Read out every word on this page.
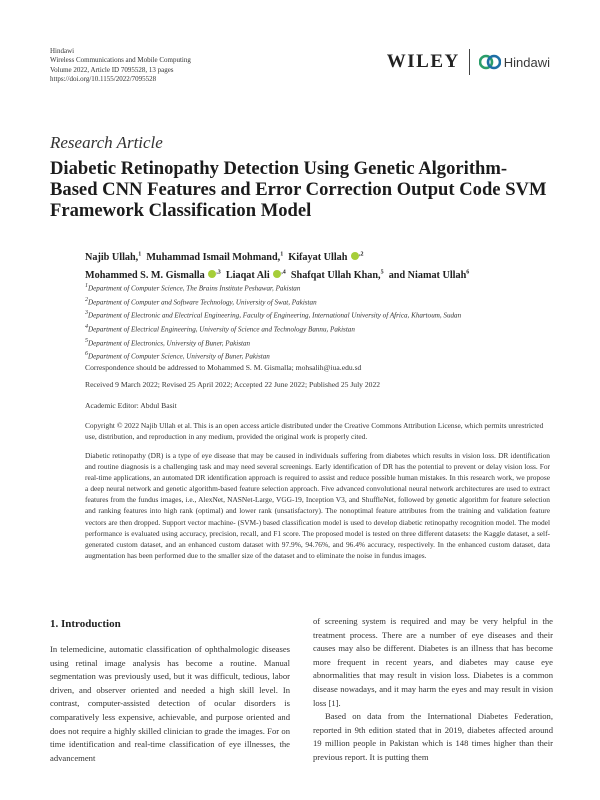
Hindawi
Wireless Communications and Mobile Computing
Volume 2022, Article ID 7095528, 13 pages
https://doi.org/10.1155/2022/7095528
WILEY	Hindawi
Research Article
Diabetic Retinopathy Detection Using Genetic Algorithm-Based CNN Features and Error Correction Output Code SVM Framework Classification Model
Najib Ullah,$^1$ Muhammad Ismail Mohmand,$^1$ Kifayat Ullah $^{,2}$
Mohammed S. M. Gismalla $^{,3}$ Liaqat Ali $^{,4}$ Shafqat Ullah Khan,$^5$ and Niamat Ullah$^6$
$^1$Department of Computer Science, The Brains Institute Peshawar, Pakistan
$^2$Department of Computer and Software Technology, University of Swat, Pakistan
$^3$Department of Electronic and Electrical Engineering, Faculty of Engineering, International University of Africa, Khartoum, Sudan
$^4$Department of Electrical Engineering, University of Science and Technology Bannu, Pakistan
$^5$Department of Electronics, University of Buner, Pakistan
$^6$Department of Computer Science, University of Buner, Pakistan
Correspondence should be addressed to Mohammed S. M. Gismalla; mohsalih@iua.edu.sd
Received 9 March 2022; Revised 25 April 2022; Accepted 22 June 2022; Published 25 July 2022
Academic Editor: Abdul Basit
Copyright © 2022 Najib Ullah et al. This is an open access article distributed under the Creative Commons Attribution License, which permits unrestricted use, distribution, and reproduction in any medium, provided the original work is properly cited.
Diabetic retinopathy (DR) is a type of eye disease that may be caused in individuals suffering from diabetes which results in vision loss. DR identification and routine diagnosis is a challenging task and may need several screenings. Early identification of DR has the potential to prevent or delay vision loss. For real-time applications, an automated DR identification approach is required to assist and reduce possible human mistakes. In this research work, we propose a deep neural network and genetic algorithm-based feature selection approach. Five advanced convolutional neural network architectures are used to extract features from the fundus images, i.e., AlexNet, NASNet-Large, VGG-19, Inception V3, and ShuffleNet, followed by genetic algorithm for feature selection and ranking features into high rank (optimal) and lower rank (unsatisfactory). The nonoptimal feature attributes from the training and validation feature vectors are then dropped. Support vector machine- (SVM-) based classification model is used to develop diabetic retinopathy recognition model. The model performance is evaluated using accuracy, precision, recall, and F1 score. The proposed model is tested on three different datasets: the Kaggle dataset, a self-generated custom dataset, and an enhanced custom dataset with 97.9%, 94.76%, and 96.4% accuracy, respectively. In the enhanced custom dataset, data augmentation has been performed due to the smaller size of the dataset and to eliminate the noise in fundus images.
1. Introduction

In telemedicine, automatic classification of ophthalmologic diseases using retinal image analysis has become a routine. Manual segmentation was previously used, but it was difficult, tedious, labor driven, and observer oriented and needed a high skill level. In contrast, computer-assisted detection of ocular disorders is comparatively less expensive, achievable, and purpose oriented and does not require a highly skilled clinician to grade the images. For on time identification and real-time classification of eye illnesses, the advancement

of screening system is required and may be very helpful in the treatment process. There are a number of eye diseases and their causes may also be different. Diabetes is an illness that has become more frequent in recent years, and diabetes may cause eye abnormalities that may result in vision loss. Diabetes is a common disease nowadays, and it may harm the eyes and may result in vision loss [1].

Based on data from the International Diabetes Federation, reported in 9th edition stated that in 2019, diabetes affected around 19 million people in Pakistan which is 148 times higher than their previous report. It is putting them
